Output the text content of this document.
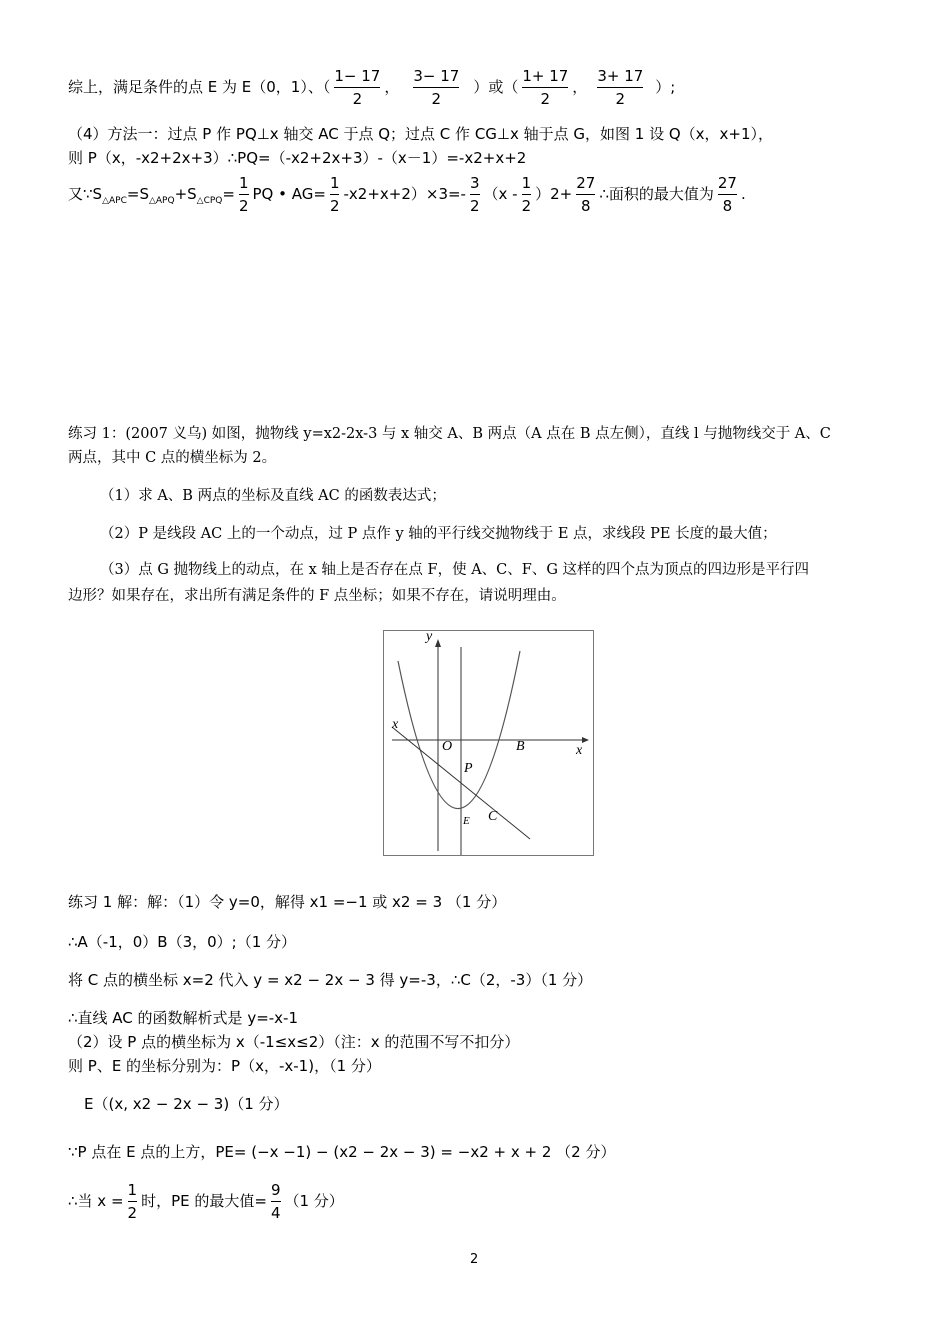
综上，满足条件的点 E 为 E（0，1）、（ $\frac{1- 17}{2}$ ， $\frac{3- 17}{2}$ ）或（ $\frac{1+ 17}{2}$ ， $\frac{3+ 17}{2}$ ）;
（4）方法一：过点 P 作 PQ⊥x 轴交 AC 于点 Q；过点 C 作 CG⊥x 轴于点 G，如图 1 设 Q（x，x+1），
则 P（x，-x2+2x+3）∴PQ=（-x2+2x+3）-（x－1）=-x2+x+2
又$\because S_{\triangle APC}=S_{\triangle APQ}+S_{\triangle CPQ}= \frac{1}{2}$ PQ • $AG= \frac{1}{2} -x2+x+2)\times 3=- \frac{3}{2} (x - \frac{1}{2} )2+ \frac{27}{8}$ ∴面积的最大值为 $\frac{27}{8}$ .
练习 1：(2007 义乌) 如图，抛物线 y=x2-2x-3 与 x 轴交 A、B 两点（A 点在 B 点左侧），直线 l 与抛物线交于 A、C
两点，其中 C 点的横坐标为 2。
（1）求 A、B 两点的坐标及直线 AC 的函数表达式；
（2）P 是线段 AC 上的一个动点，过 P 点作 y 轴的平行线交抛物线于 E 点，求线段 PE 长度的最大值；
（3）点 G 抛物线上的动点，在 x 轴上是否存在点 F，使 A、C、F、G 这样的四个点为顶点的四边形是平行四
边形？如果存在，求出所有满足条件的 F 点坐标；如果不存在，请说明理由。
y
x
x
O	B
P
E C
练习 1 解：解：（1）令 y=0，解得 x1 =−1 或 x2 = 3 （1 分）
∴A（-1，0）B（3，0）;（1 分）
将 C 点的横坐标 x=2 代入 y = x2 − 2x − 3 得 y=-3，∴C（2，-3）（1 分）
∴直线 AC 的函数解析式是 y=-x-1
（2）设 P 点的横坐标为 x（-1≤x≤2）（注：x 的范围不写不扣分）
则 P、E 的坐标分别为：P（x，-x-1)，（1 分）
E（(x, x2 − 2x − 3)（1 分）
∵P 点在 E 点的上方，PE= (−x −1) − (x2 − 2x − 3) = −x2 + x + 2 （2 分）
∴当 $x = \frac{1}{2}$ 时，PE 的最大值= $\frac{9}{4} (1$ 分）
2
